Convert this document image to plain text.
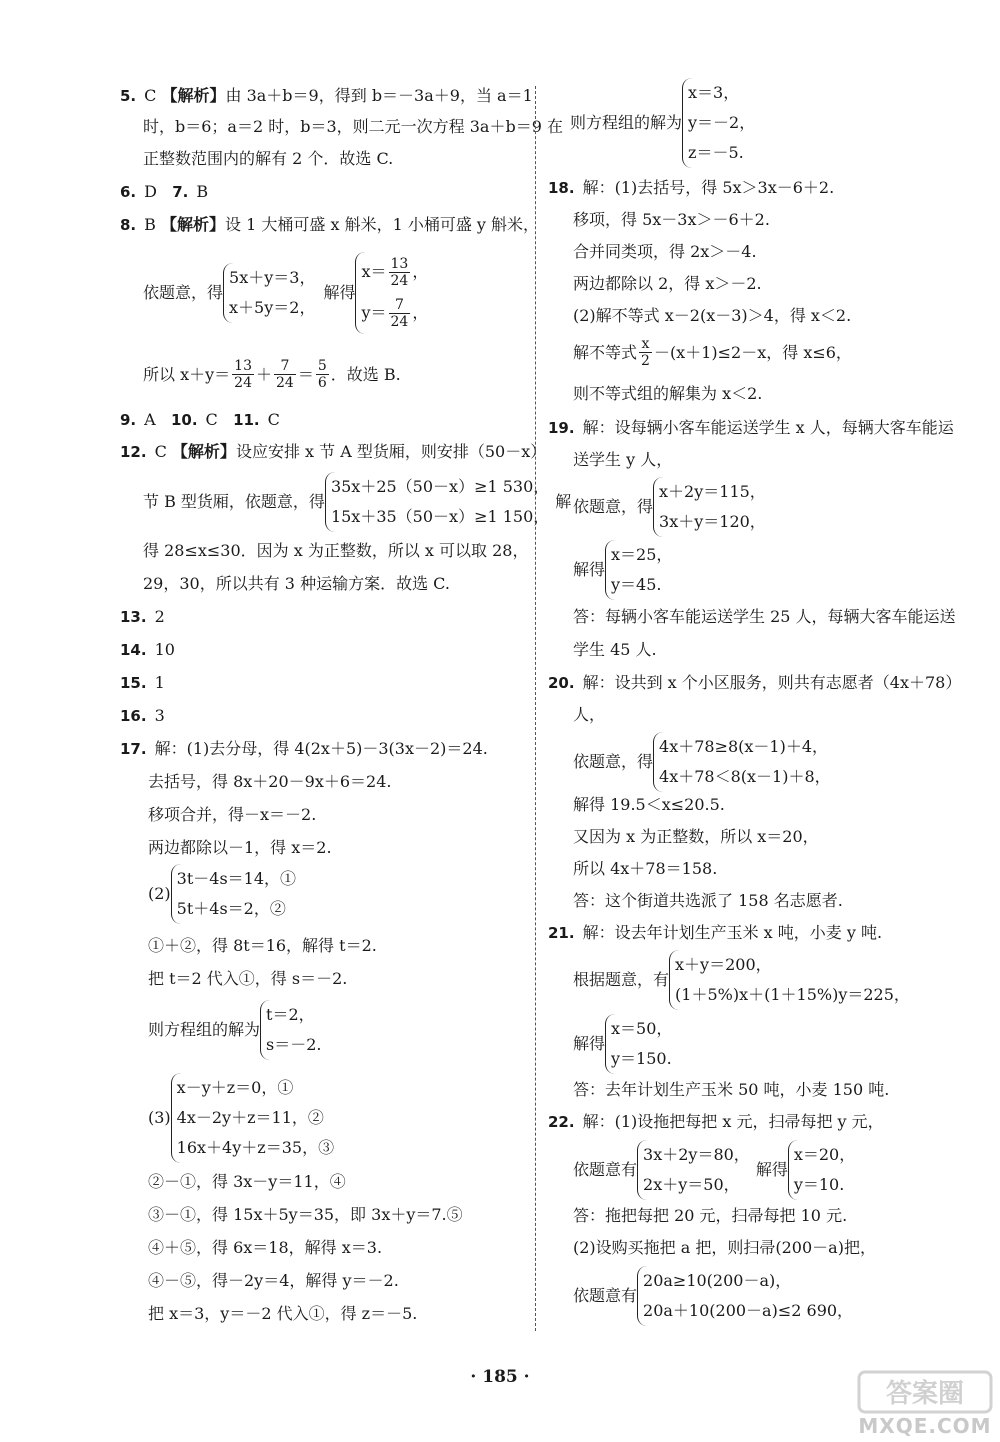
5. C 【解析】由 3a＋b＝9，得到 b＝－3a＋9，当 a＝1
时，b＝6；a＝2 时，b＝3，则二元一次方程 3a＋b＝9 在
正整数范围内的解有 2 个．故选 C.
6. D 7. B
8. B 【解析】设 1 大桶可盛 x 斛米，1 小桶可盛 y 斛米，
依题意，得
5x＋y＝3，
x＋5y＝2，
解得
$x= \frac{13}{24}$ ，
$y= \frac{7}{24}$ ，
所以 $x+y= \frac{13}{24} + \frac{7}{24} = \frac{5}{6}$ ．故选 B.
9. A 10. C 11. C
12. C 【解析】设应安排 x 节 A 型货厢，则安排（50－x）
节 B 型货厢，依题意，得
35x＋25（50－x）≥1 530，
15x＋35（50－x）≥1 150，
解
得 28≤x≤30．因为 x 为正整数，所以 x 可以取 28，
29，30，所以共有 3 种运输方案．故选 C.
13. 2
14. 10
15. 1
16. 3
17. 解：(1)去分母，得 4(2x＋5)－3(3x－2)＝24.
去括号，得 8x＋20－9x＋6＝24.
移项合并，得－x＝－2.
两边都除以－1，得 x＝2.
(2)
3t－4s＝14，①
5t＋4s＝2，②
①＋②，得 8t＝16，解得 t＝2.
把 t＝2 代入①，得 s＝－2.
则方程组的解为
t＝2，
s＝－2.
(3)
x－y＋z＝0，①
4x－2y＋z＝11，②
16x＋4y＋z＝35，③
②－①，得 3x－y＝11，④
③－①，得 15x＋5y＝35，即 3x＋y＝7.⑤
④＋⑤，得 6x＝18，解得 x＝3.
④－⑤，得－2y＝4，解得 y＝－2.
把 x＝3，y＝－2 代入①，得 z＝－5.
则方程组的解为
x＝3，
y＝－2，
z＝－5.
18. 解：(1)去括号，得 5x＞3x－6＋2.
移项，得 5x－3x＞－6＋2.
合并同类项，得 2x＞－4.
两边都除以 2，得 x＞－2.
(2)解不等式 x－2(x－3)＞4，得 x＜2.
解不等式 $\frac{x}{2} -(x+1)\le 2-x$，得 x≤6，
则不等式组的解集为 x＜2.
19. 解：设每辆小客车能运送学生 x 人，每辆大客车能运
送学生 y 人，
依题意，得
x＋2y＝115，
3x＋y＝120，
解得
x＝25，
y＝45.
答：每辆小客车能运送学生 25 人，每辆大客车能运送
学生 45 人.
20. 解：设共到 x 个小区服务，则共有志愿者（4x＋78）
人，
依题意，得
4x＋78≥8(x－1)＋4，
4x＋78＜8(x－1)＋8，
解得 19.5＜x≤20.5.
又因为 x 为正整数，所以 x＝20，
所以 4x＋78＝158.
答：这个街道共选派了 158 名志愿者.
21. 解：设去年计划生产玉米 x 吨，小麦 y 吨.
根据题意，有
x＋y＝200，
(1＋5%)x＋(1＋15%)y＝225，
解得
x＝50，
y＝150.
答：去年计划生产玉米 50 吨，小麦 150 吨.
22. 解：(1)设拖把每把 x 元，扫帚每把 y 元，
依题意有
3x＋2y＝80，
2x＋y＝50，
解得
x＝20，
y＝10.
答：拖把每把 20 元，扫帚每把 10 元.
(2)设购买拖把 a 把，则扫帚(200－a)把，
依题意有
20a≥10(200－a)，
20a＋10(200－a)≤2 690，
· 185 ·
答案圈
MXQE.COM
